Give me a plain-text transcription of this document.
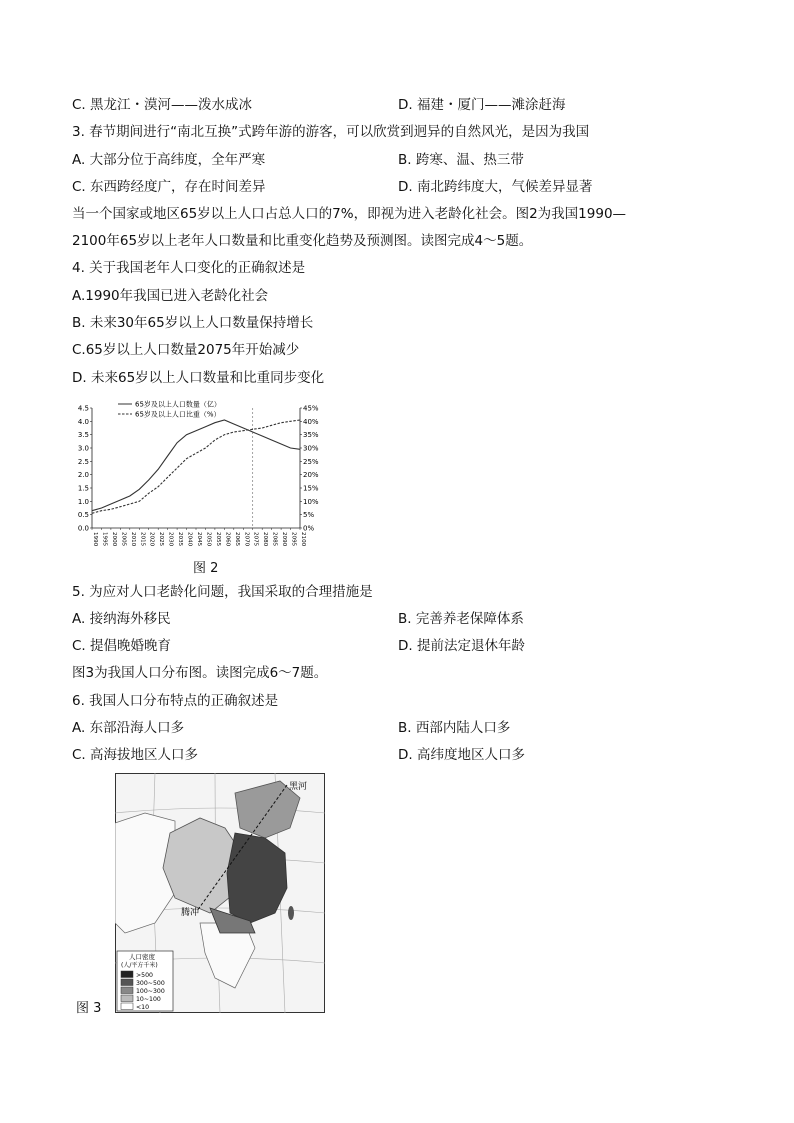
C. 黑龙江・漠河——泼水成冰	D. 福建・厦门——滩涂赶海
3. 春节期间进行“南北互换”式跨年游的游客，可以欣赏到迥异的自然风光，是因为我国
A. 大部分位于高纬度，全年严寒	B. 跨寒、温、热三带
C. 东西跨经度广，存在时间差异	D. 南北跨纬度大，气候差异显著
当一个国家或地区65岁以上人口占总人口的7%，即视为进入老龄化社会。图2为我国1990—
2100年65岁以上老年人口数量和比重变化趋势及预测图。读图完成4～5题。
4. 关于我国老年人口变化的正确叙述是
A.1990年我国已进入老龄化社会
B. 未来30年65岁以上人口数量保持增长
C.65岁以上人口数量2075年开始减少
D. 未来65岁以上人口数量和比重同步变化
0.0
0.5
1.0
1.5
2.0
2.5
3.0
3.5
4.0
4.5
0%
5%
10%
15%
20%
25%
30%
35%
40%
45%
1990 1995 2000 2005 2010 2015 2020 2025 2030 2035 2040 2045 2050 2055 2060 2065 2070 2075 2080 2085 2090 2095 2100
65岁及以上人口数量（亿）
65岁及以上人口比重（%）
图 2
5. 为应对人口老龄化问题，我国采取的合理措施是
A. 接纳海外移民	B. 完善养老保障体系
C. 提倡晚婚晚育	D. 提前法定退休年龄
图3为我国人口分布图。读图完成6～7题。
6. 我国人口分布特点的正确叙述是
A. 东部沿海人口多	B. 西部内陆人口多
C. 高海拔地区人口多	D. 高纬度地区人口多
黑河
腾冲
人口密度
(人/平方千米)
>500
300~500
100~300
10~100
<10
图 3
